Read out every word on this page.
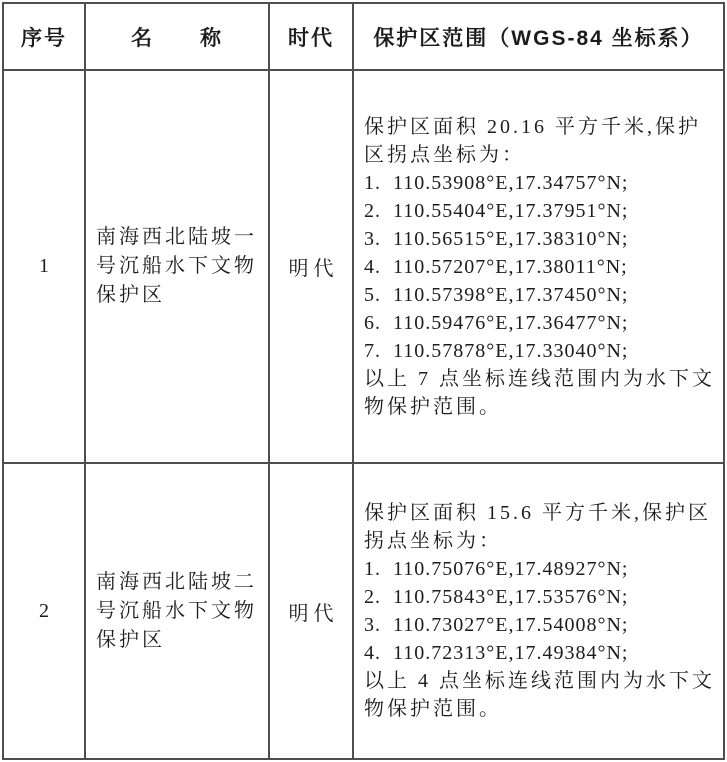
序号	名　　称	时代 保护区范围（WGS-84 坐标系）
1
南海西北陆坡一号沉船水下文物保护区
明代
保护区面积 20.16 平方千米,保护区拐点坐标为：
1.  110.53908°E,17.34757°N;
2.  110.55404°E,17.37951°N;
3.  110.56515°E,17.38310°N;
4.  110.57207°E,17.38011°N;
5.  110.57398°E,17.37450°N;
6.  110.59476°E,17.36477°N;
7.  110.57878°E,17.33040°N;
以上 7 点坐标连线范围内为水下文物保护范围。
2
南海西北陆坡二号沉船水下文物保护区
明代
保护区面积 15.6 平方千米,保护区拐点坐标为：
1.  110.75076°E,17.48927°N;
2.  110.75843°E,17.53576°N;
3.  110.73027°E,17.54008°N;
4.  110.72313°E,17.49384°N;
以上 4 点坐标连线范围内为水下文物保护范围。
